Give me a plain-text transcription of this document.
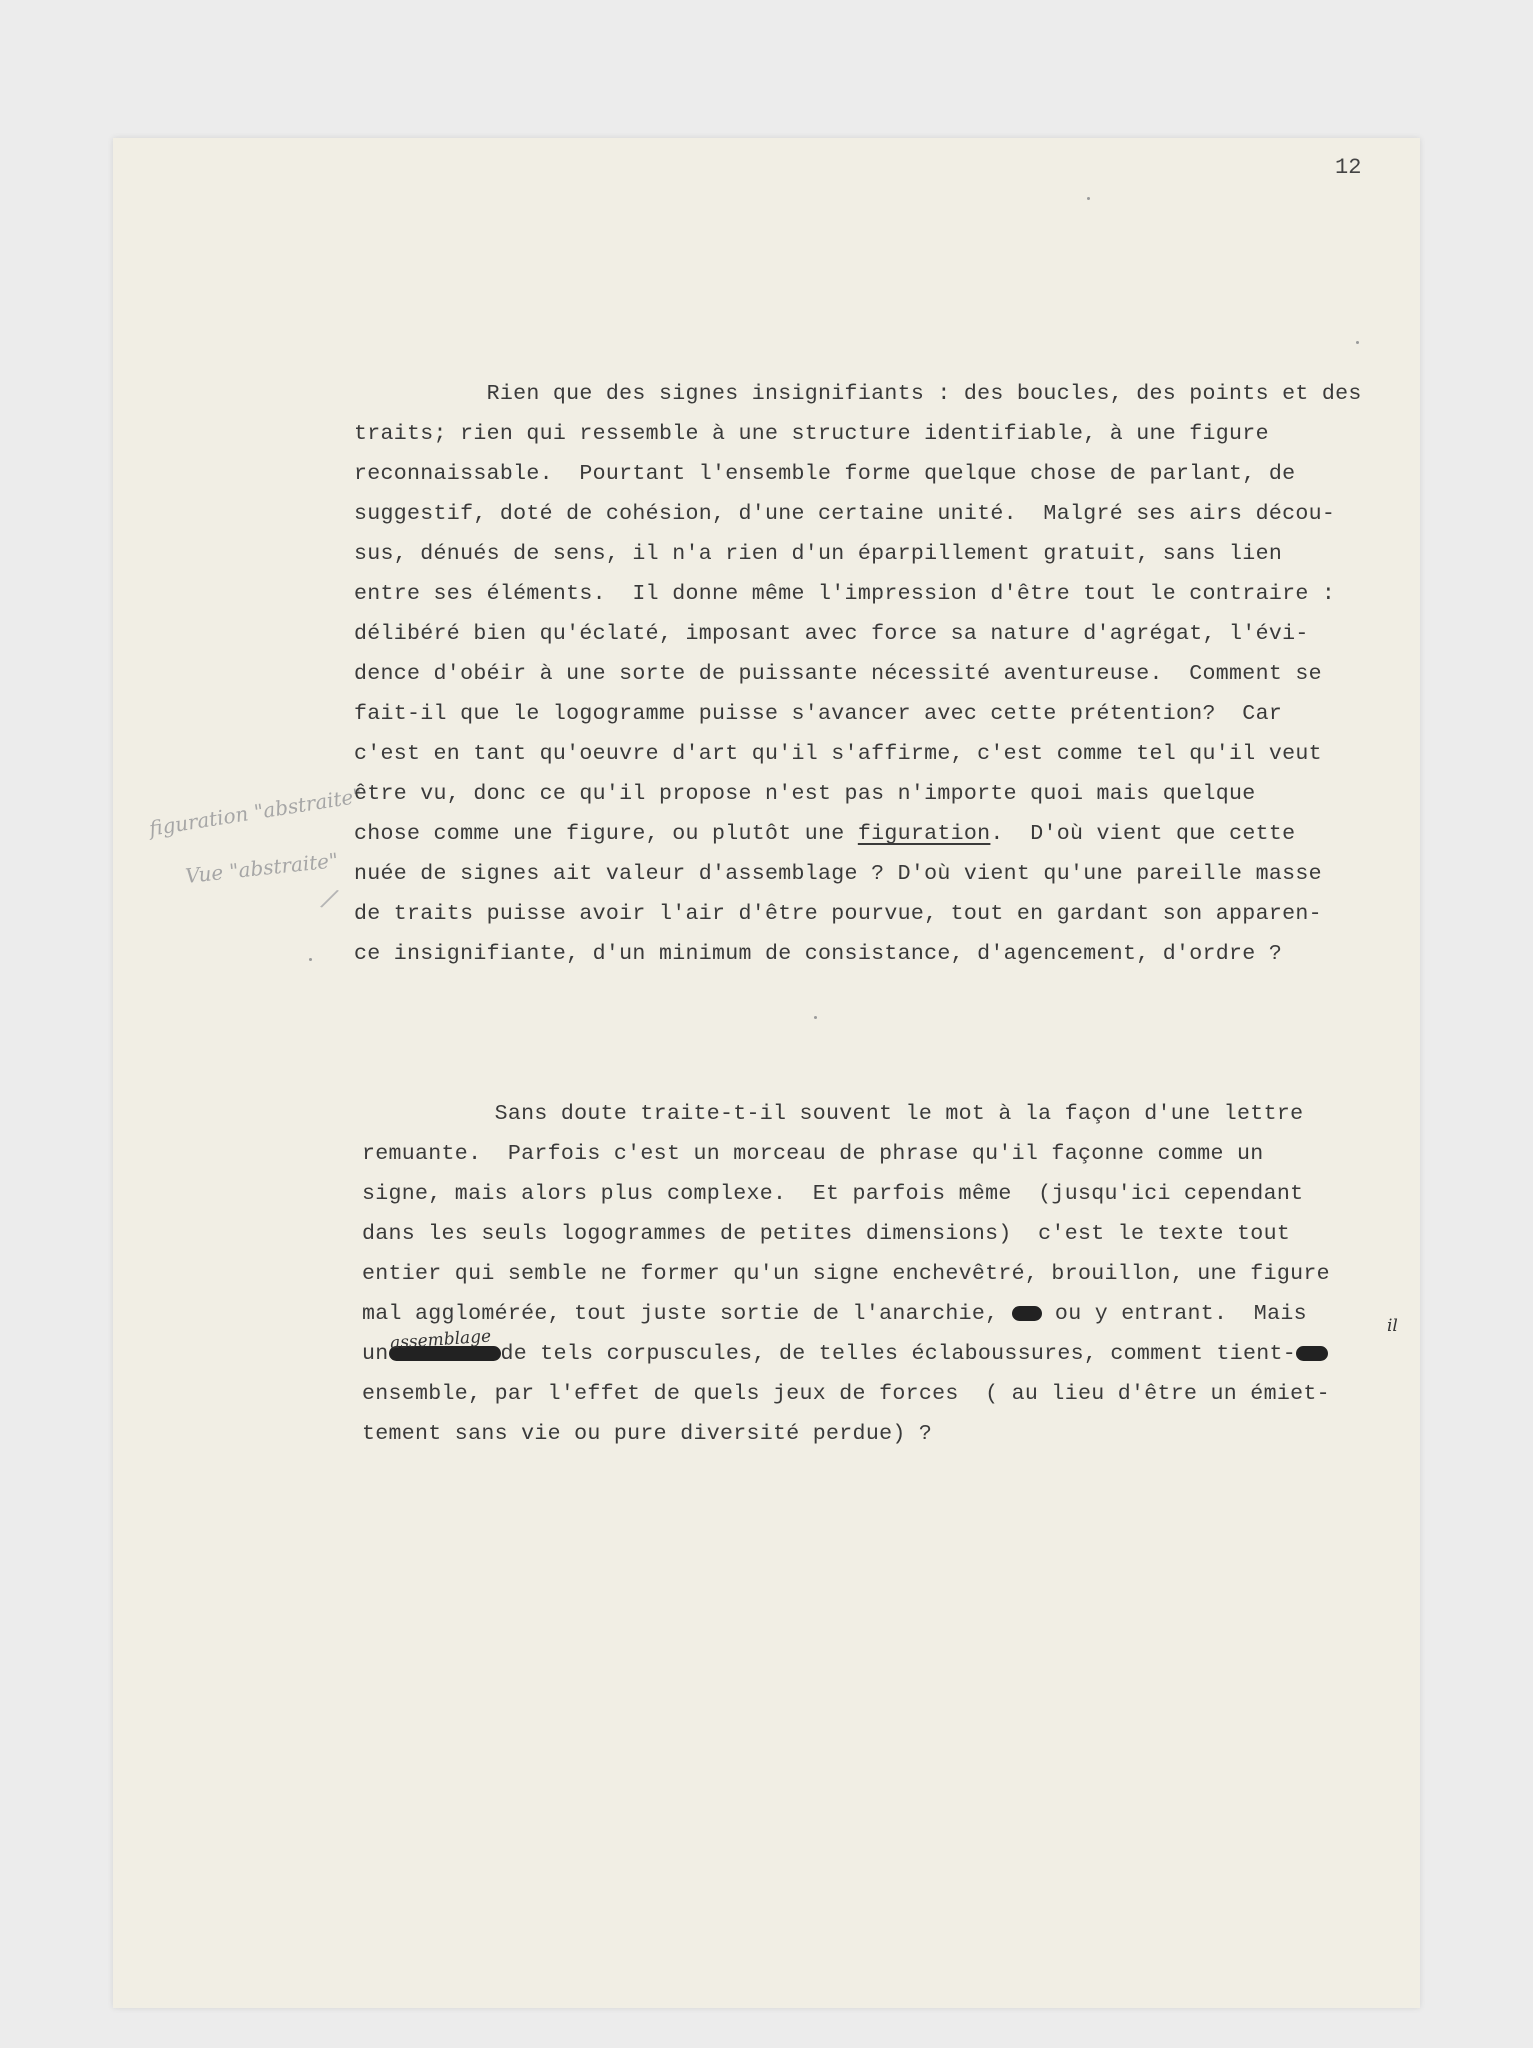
12
figuration "abstraite"
Vue "abstraite"
/
Rien que des signes insignifiants : des boucles, des points et des
traits; rien qui ressemble à une structure identifiable, à une figure
reconnaissable.  Pourtant l'ensemble forme quelque chose de parlant, de
suggestif, doté de cohésion, d'une certaine unité.  Malgré ses airs décou-
sus, dénués de sens, il n'a rien d'un éparpillement gratuit, sans lien
entre ses éléments.  Il donne même l'impression d'être tout le contraire :
délibéré bien qu'éclaté, imposant avec force sa nature d'agrégat, l'évi-
dence d'obéir à une sorte de puissante nécessité aventureuse.  Comment se
fait-il que le logogramme puisse s'avancer avec cette prétention?  Car
c'est en tant qu'oeuvre d'art qu'il s'affirme, c'est comme tel qu'il veut
être vu, donc ce qu'il propose n'est pas n'importe quoi mais quelque
chose comme une figure, ou plutôt une figuration.  D'où vient que cette
nuée de signes ait valeur d'assemblage ? D'où vient qu'une pareille masse
de traits puisse avoir l'air d'être pourvue, tout en gardant son apparen-
ce insignifiante, d'un minimum de consistance, d'agencement, d'ordre ?
Sans doute traite-t-il souvent le mot à la façon d'une lettre
remuante.  Parfois c'est un morceau de phrase qu'il façonne comme un
signe, mais alors plus complexe.  Et parfois même  (jusqu'ici cependant
dans les seuls logogrammes de petites dimensions)  c'est le texte tout
entier qui semble ne former qu'un signe enchevêtré, brouillon, une figure
mal agglomérée, tout juste sortie de l'anarchie,  ou y entrant.  Mais
un	de tels corpuscules, de telles éclaboussures, comment tient-
ensemble, par l'effet de quels jeux de forces  ( au lieu d'être un émiet-
tement sans vie ou pure diversité perdue) ?
assemblage
il
